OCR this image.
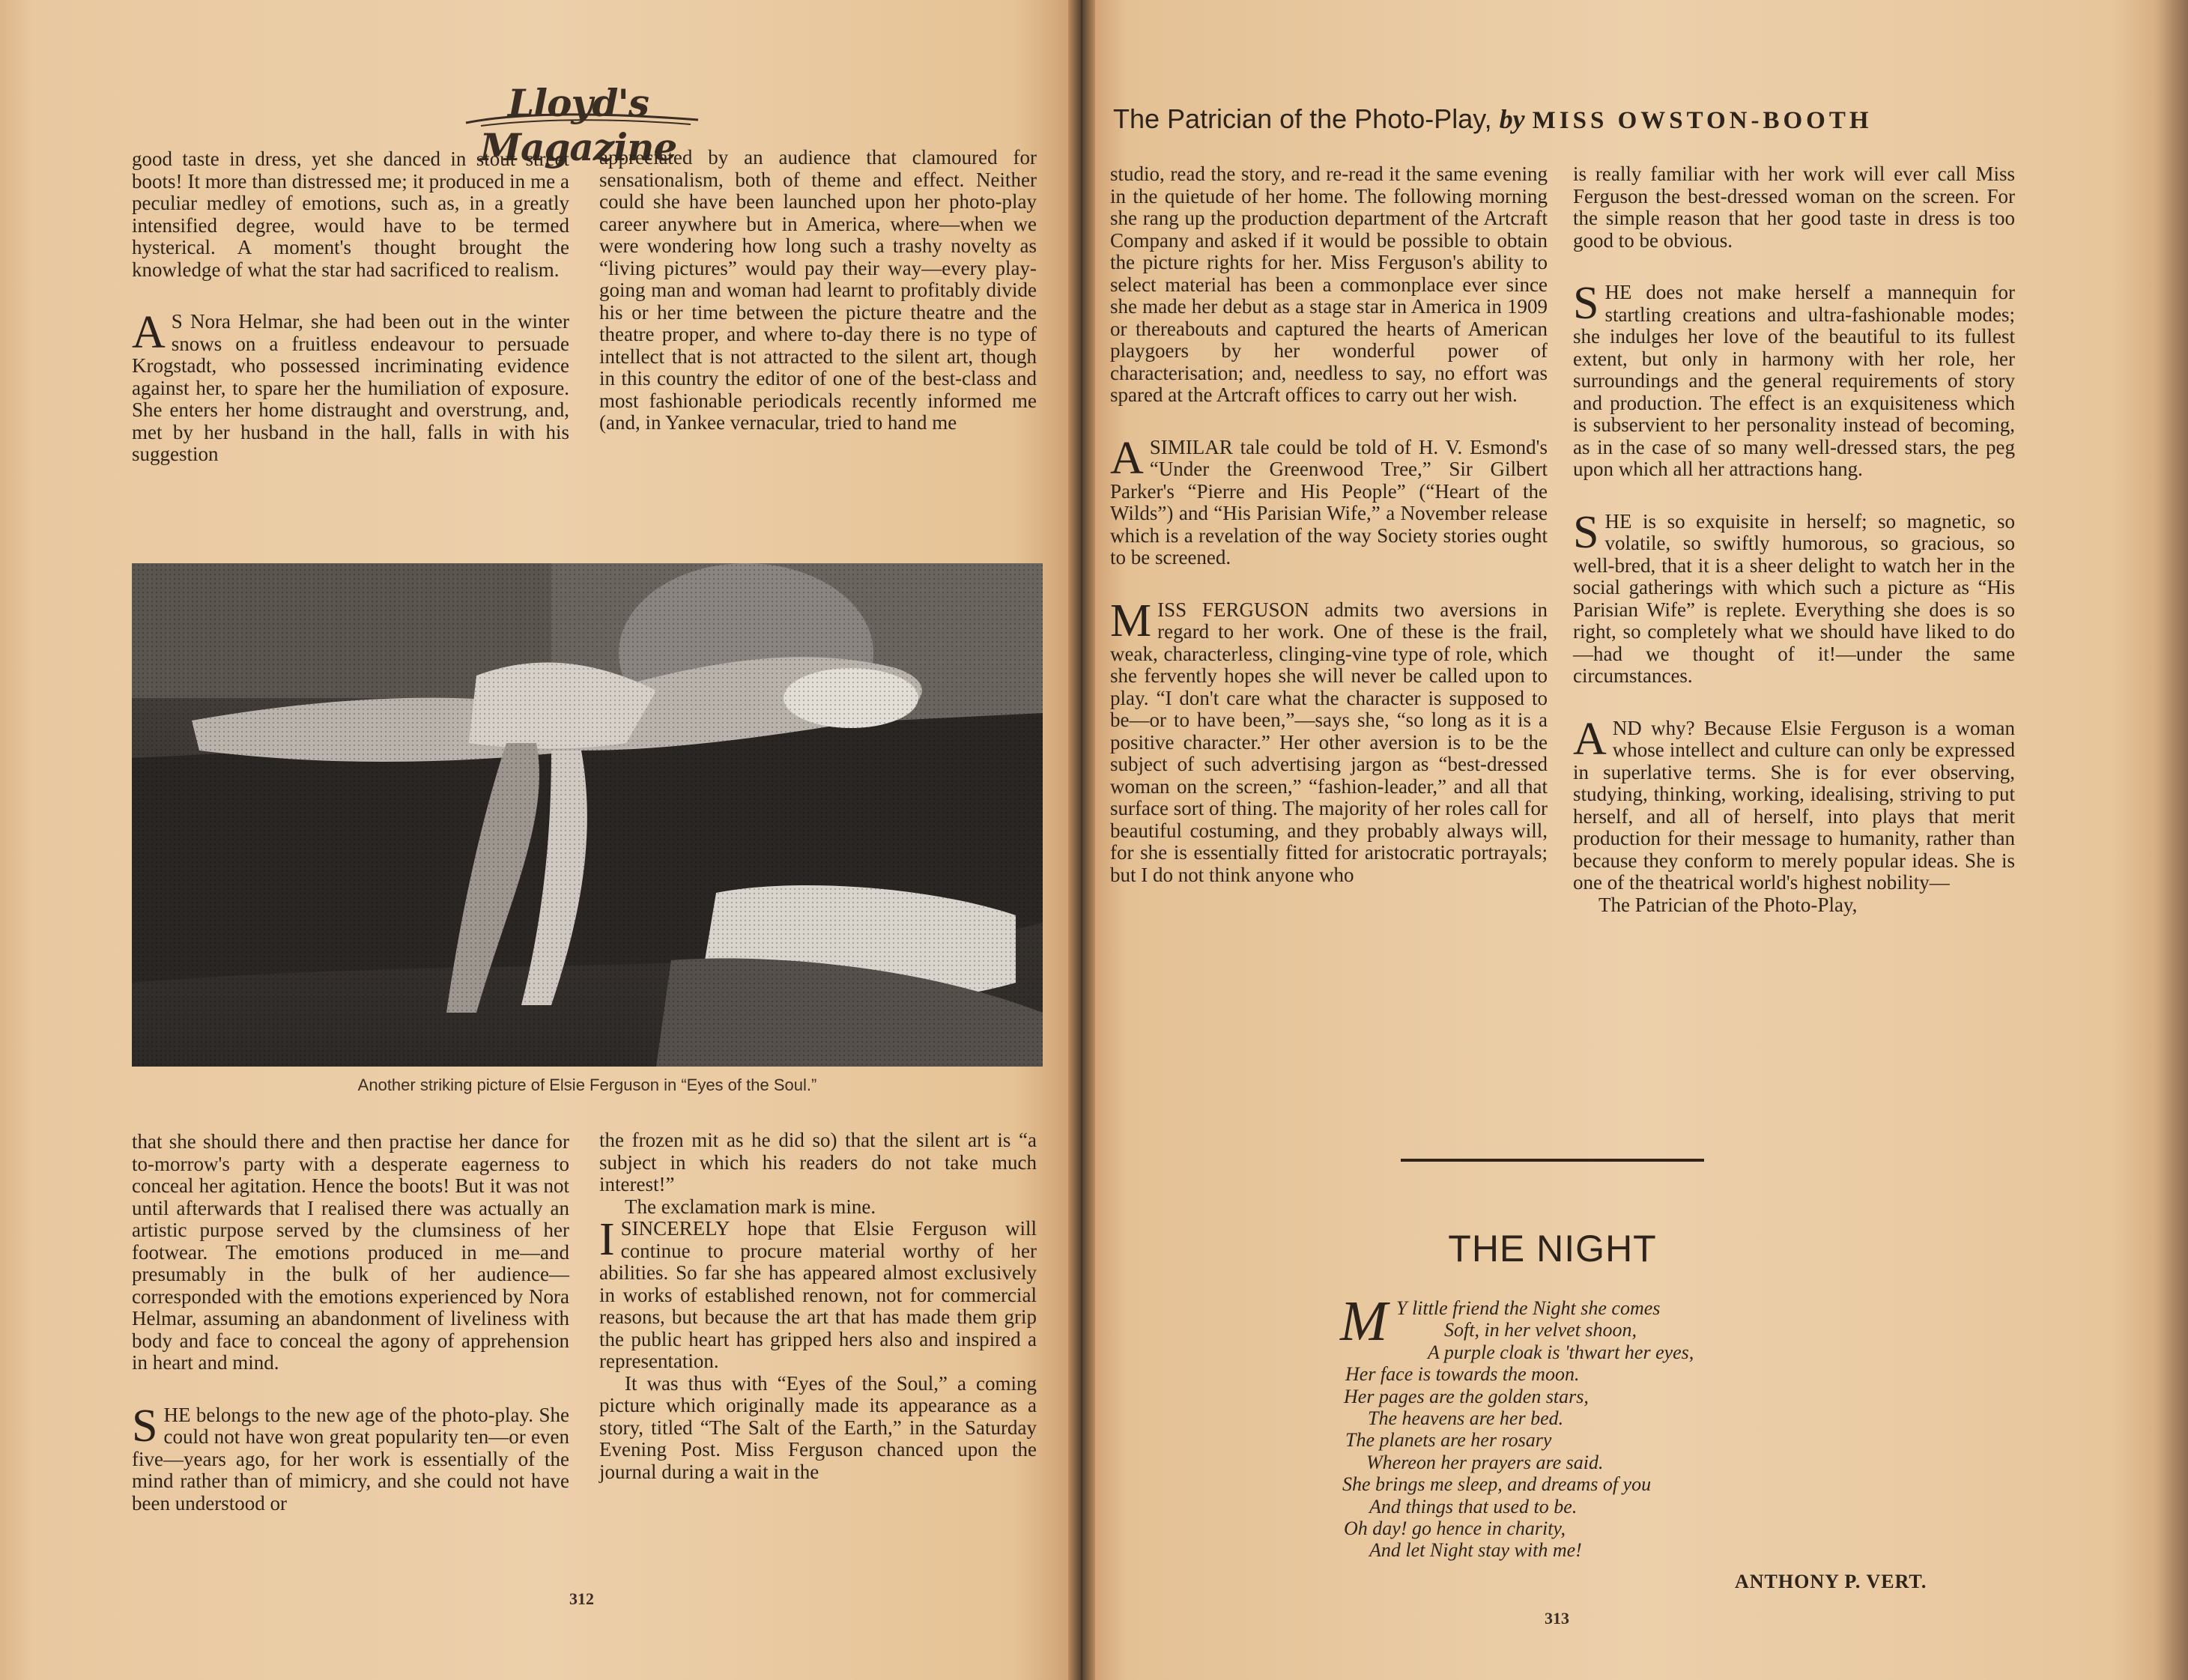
Lloyd's Magazine
The Patrician of the Photo-Play, by MISS OWSTON-BOOTH

good taste in dress, yet she danced in stout street boots! It more than distressed me; it produced in me a peculiar medley of emotions, such as, in a greatly intensified degree, would have to be termed hysterical. A moment's thought brought the knowledge of what the star had sacrificed to realism.

A S Nora Helmar, she had been out in the winter snows on a fruitless endeavour to persuade Krogstadt, who possessed incriminating evidence against her, to spare her the humiliation of exposure. She enters her home distraught and overstrung, and, met by her husband in the hall, falls in with his suggestion

appreciated by an audience that clamoured for sensationalism, both of theme and effect. Neither could she have been launched upon her photo-play career anywhere but in America, where—when we were wondering how long such a trashy novelty as “living pictures” would pay their way—every play-going man and woman had learnt to profitably divide his or her time between the picture theatre and the theatre proper, and where to-day there is no type of intellect that is not attracted to the silent art, though in this country the editor of one of the best-class and most fashionable periodicals recently informed me (and, in Yankee vernacular, tried to hand me

Another striking picture of Elsie Ferguson in “Eyes of the Soul.”

that she should there and then practise her dance for to-morrow's party with a desperate eagerness to conceal her agitation. Hence the boots! But it was not until afterwards that I realised there was actually an artistic purpose served by the clumsiness of her footwear. The emotions produced in me—and presumably in the bulk of her audience—corresponded with the emotions experienced by Nora Helmar, assuming an abandonment of liveliness with body and face to conceal the agony of apprehension in heart and mind.

SHE belongs to the new age of the photo-play. She could not have won great popularity ten—or even five—years ago, for her work is essentially of the mind rather than of mimicry, and she could not have been understood or

the frozen mit as he did so) that the silent art is “a subject in which his readers do not take much interest!”

The exclamation mark is mine.

ISINCERELY hope that Elsie Ferguson will continue to procure material worthy of her abilities. So far she has appeared almost exclusively in works of established renown, not for commercial reasons, but because the art that has made them grip the public heart has gripped hers also and inspired a representation.

It was thus with “Eyes of the Soul,” a coming picture which originally made its appearance as a story, titled “The Salt of the Earth,” in the Saturday Evening Post. Miss Ferguson chanced upon the journal during a wait in the

312

studio, read the story, and re-read it the same evening in the quietude of her home. The following morning she rang up the production department of the Artcraft Company and asked if it would be possible to obtain the picture rights for her. Miss Ferguson's ability to select material has been a commonplace ever since she made her debut as a stage star in America in 1909 or thereabouts and captured the hearts of American playgoers by her wonderful power of characterisation; and, needless to say, no effort was spared at the Artcraft offices to carry out her wish.

ASIMILAR tale could be told of H. V. Esmond's “Under the Greenwood Tree,” Sir Gilbert Parker's “Pierre and His People” (“Heart of the Wilds”) and “His Parisian Wife,” a November release which is a revelation of the way Society stories ought to be screened.

MISS FERGUSON admits two aversions in regard to her work. One of these is the frail, weak, characterless, clinging-vine type of role, which she fervently hopes she will never be called upon to play. “I don't care what the character is supposed to be—or to have been,”—says she, “so long as it is a positive character.” Her other aversion is to be the subject of such advertising jargon as “best-dressed woman on the screen,” “fashion-leader,” and all that surface sort of thing. The majority of her roles call for beautiful costuming, and they probably always will, for she is essentially fitted for aristocratic portrayals; but I do not think anyone who

is really familiar with her work will ever call Miss Ferguson the best-dressed woman on the screen. For the simple reason that her good taste in dress is too good to be obvious.

SHE does not make herself a mannequin for startling creations and ultra-fashionable modes; she indulges her love of the beautiful to its fullest extent, but only in harmony with her role, her surroundings and the general requirements of story and production. The effect is an exquisiteness which is subservient to her personality instead of becoming, as in the case of so many well-dressed stars, the peg upon which all her attractions hang.

SHE is so exquisite in herself; so magnetic, so volatile, so swiftly humorous, so gracious, so well-bred, that it is a sheer delight to watch her in the social gatherings with which such a picture as “His Parisian Wife” is replete. Everything she does is so right, so completely what we should have liked to do—had we thought of it!—under the same circumstances.

AND why? Because Elsie Ferguson is a woman whose intellect and culture can only be expressed in superlative terms. She is for ever observing, studying, thinking, working, idealising, striving to put herself, and all of herself, into plays that merit production for their message to humanity, rather than because they conform to merely popular ideas. She is one of the theatrical world's highest nobility—

The Patrician of the Photo-Play,

THE NIGHT
M Y little friend the Night she comes
Soft, in her velvet shoon,
A purple cloak is 'thwart her eyes,
Her face is towards the moon.
Her pages are the golden stars,
The heavens are her bed.
The planets are her rosary
Whereon her prayers are said.
She brings me sleep, and dreams of you
And things that used to be.
Oh day! go hence in charity,
And let Night stay with me!
ANTHONY P. VERT.
313
